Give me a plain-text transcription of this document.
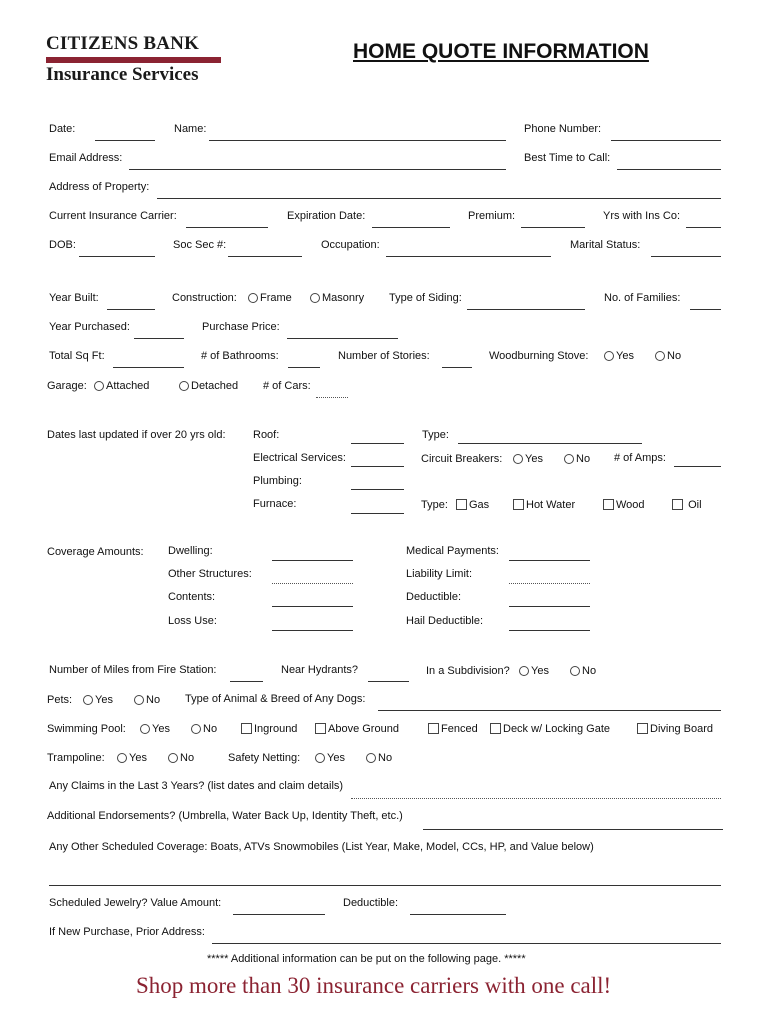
CITIZENS BANK
Insurance Services
HOME QUOTE INFORMATION
Date:	Name:	Phone Number:
Email Address:	Best Time to Call:
Address of Property:
Current Insurance Carrier:	Expiration Date:	Premium:	Yrs with Ins Co:
DOB:	Soc Sec #:	Occupation:	Marital Status:
Year Built:	Construction:	Frame	Masonry Type of Siding:	No. of Families:
Year Purchased:	Purchase Price:
Total Sq Ft:	# of Bathrooms:	Number of Stories:	Woodburning Stove:	Yes	No
Garage:	Attached	Detached # of Cars:
Dates last updated if over 20 yrs old: Roof:	Type:
Electrical Services:	Circuit Breakers:	Yes	No # of Amps:
Plumbing:
Furnace:	Type:	Gas	Hot Water	Wood	Oil
Coverage Amounts: Dwelling:	Medical Payments:
Other Structures:	Liability Limit:
Contents:	Deductible:
Loss Use:	Hail Deductible:
Number of Miles from Fire Station:	Near Hydrants?	In a Subdivision?	Yes	No
Pets:	Yes	No Type of Animal & Breed of Any Dogs:
Swimming Pool:	Yes	No	Inground	Above Ground	Fenced	Deck w/ Locking Gate	Diving Board
Trampoline:	Yes	No	Safety Netting:	Yes	No
Any Claims in the Last 3 Years? (list dates and claim details)
Additional Endorsements? (Umbrella, Water Back Up, Identity Theft, etc.)
Any Other Scheduled Coverage: Boats, ATVs Snowmobiles (List Year, Make, Model, CCs, HP, and Value below)
Scheduled Jewelry? Value Amount:	Deductible:
If New Purchase, Prior Address:
***** Additional information can be put on the following page. *****
Shop more than 30 insurance carriers with one call!
